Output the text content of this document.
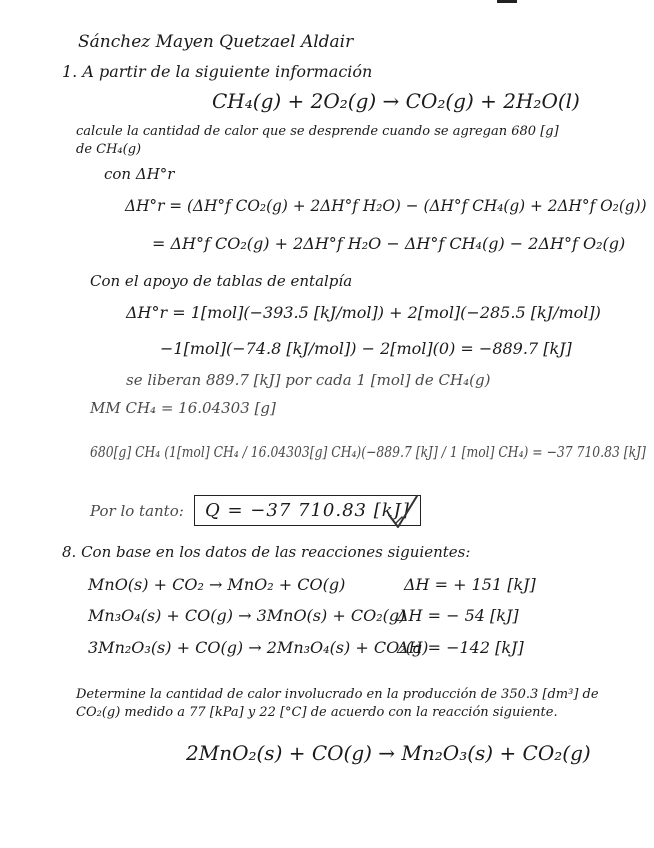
Sánchez Mayen Quetzael Aldair
1. A partir de la siguiente información
CH₄(g) + 2O₂(g) → CO₂(g) + 2H₂O(l)
calcule la cantidad de calor que se desprende cuando se agregan 680 [g]
de CH₄(g)
con ΔH°r
ΔH°r = (ΔH°f CO₂(g) + 2ΔH°f H₂O) − (ΔH°f CH₄(g) + 2ΔH°f O₂(g))
= ΔH°f CO₂(g) + 2ΔH°f H₂O − ΔH°f CH₄(g) − 2ΔH°f O₂(g)
Con el apoyo de tablas de entalpía
ΔH°r = 1[mol](−393.5 [kJ/mol]) + 2[mol](−285.5 [kJ/mol])
−1[mol](−74.8 [kJ/mol]) − 2[mol](0) = −889.7 [kJ]
se liberan 889.7 [kJ] por cada 1 [mol] de CH₄(g)
MM CH₄ = 16.04303 [g]
680[g] CH₄ (1[mol] CH₄ / 16.04303[g] CH₄)(−889.7 [kJ] / 1 [mol] CH₄) = −37 710.83 [kJ]
Por lo tanto:	Q = −37 710.83 [kJ]
8. Con base en los datos de las reacciones siguientes:
MnO(s) + CO₂ → MnO₂ + CO(g)	ΔH = + 151 [kJ]
Mn₃O₄(s) + CO(g) → 3MnO(s) + CO₂(g)
ΔH = − 54 [kJ]
3Mn₂O₃(s) + CO(g) → 2Mn₃O₄(s) + CO₂(g)
ΔH = −142 [kJ]
Determine la cantidad de calor involucrado en la producción de 350.3 [dm³] de
CO₂(g) medido a 77 [kPa] y 22 [°C] de acuerdo con la reacción siguiente.
2MnO₂(s) + CO(g) → Mn₂O₃(s) + CO₂(g)
